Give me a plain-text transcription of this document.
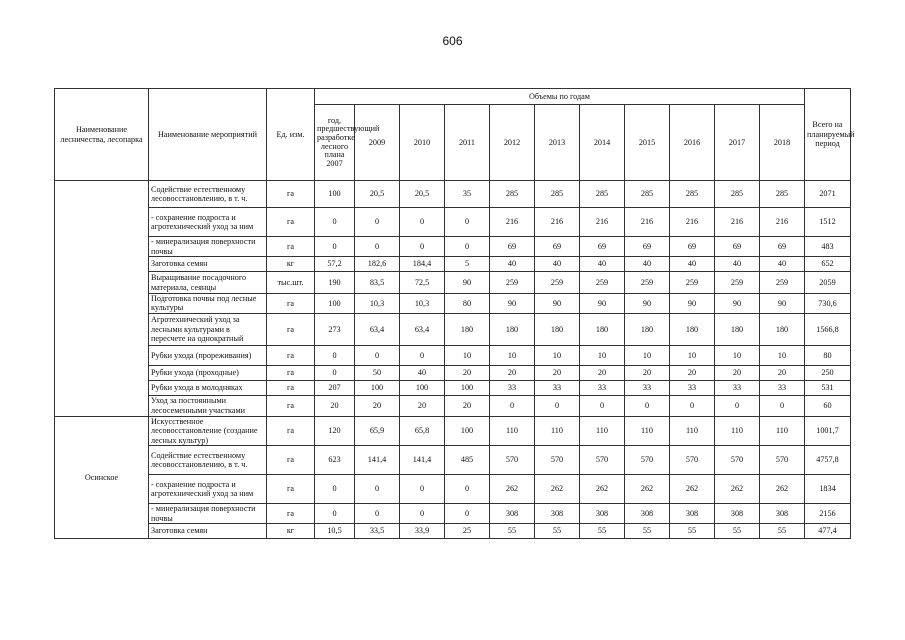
606
Наименование лесничества, лесопарка	Наименование мероприятий	Ед. изм.	Объемы по годам											Всего на планируемый период
			год, предшествующий разработке лесного плана 2007	2009	2010	2011	2012	2013	2014	2015	2016	2017	2018	
	Содействие естественному лесовосстановлению, в т. ч.	га	100	20,5	20,5	35	285	285	285	285	285	285	285	2071
	- сохранение подроста и агротехнический уход за ним	га	0	0	0	0	216	216	216	216	216	216	216	1512
	- минерализация поверхности почвы	га	0	0	0	0	69	69	69	69	69	69	69	483
	Заготовка семян	кг	57,2	182,6	184,4	5	40	40	40	40	40	40	40	652
	Выращивание посадочного материала, сеянцы	тыс.шт.	190	83,5	72,5	90	259	259	259	259	259	259	259	2059
	Подготовка почвы под лесные культуры	га	100	10,3	10,3	80	90	90	90	90	90	90	90	730,6
	Агротехнический уход за лесными культурами в пересчете на однократный	га	273	63,4	63,4	180	180	180	180	180	180	180	180	1566,8
	Рубки ухода (прореживания)	га	0	0	0	10	10	10	10	10	10	10	10	80
	Рубки ухода (проходные)	га	0	50	40	20	20	20	20	20	20	20	20	250
	Рубки ухода в молодняках	га	207	100	100	100	33	33	33	33	33	33	33	531
	Уход за постоянными лесосеменными участками	га	20	20	20	20	0	0	0	0	0	0	0	60
Осинское	Искусственное лесовосстановление (создание лесных культур)	га	120	65,9	65,8	100	110	110	110	110	110	110	110	1001,7
	Содействие естественному лесовосстановлению, в т. ч.	га	623	141,4	141,4	485	570	570	570	570	570	570	570	4757,8
	- сохранение подроста и агротехнический уход за ним	га	0	0	0	0	262	262	262	262	262	262	262	1834
	- минерализация поверхности почвы	га	0	0	0	0	308	308	308	308	308	308	308	2156
	Заготовка семян	кг	10,5	33,5	33,9	25	55	55	55	55	55	55	55	477,4
